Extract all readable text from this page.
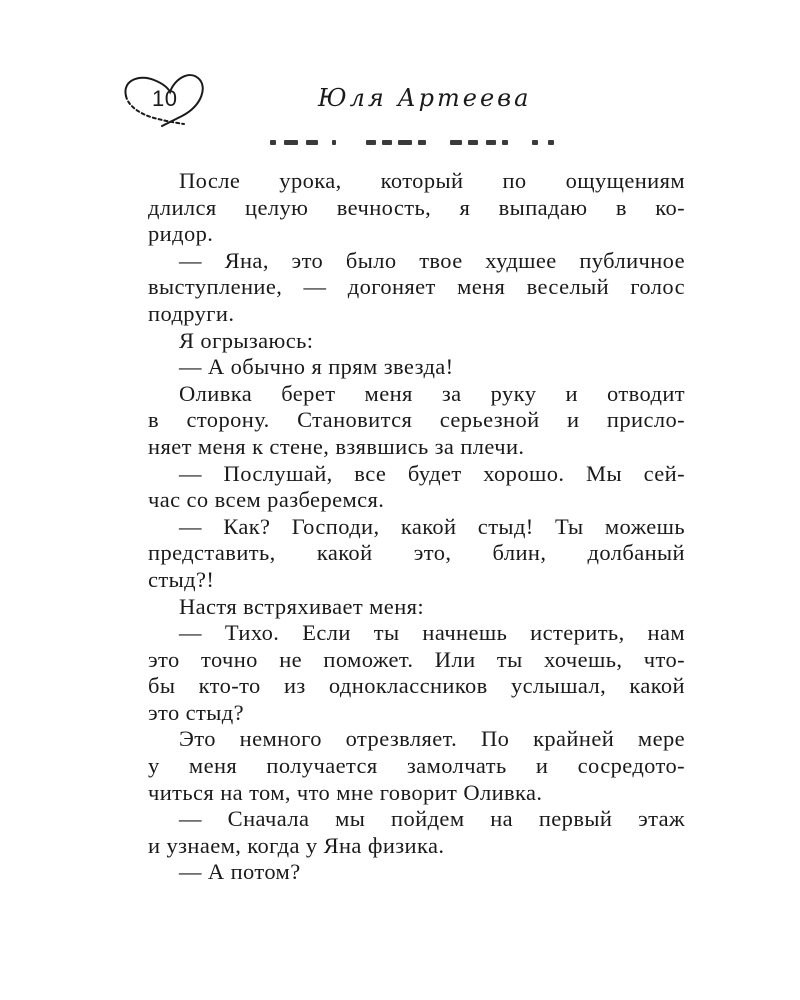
10	Юля Артеева
После урока, который по ощущениям
длился целую вечность, я выпадаю в ко-
ридор.
— Яна, это было твое худшее публичное
выступление, — догоняет меня веселый голос
подруги.
Я огрызаюсь:
— А обычно я прям звезда!
Оливка берет меня за руку и отводит
в сторону. Становится серьезной и прислo-
няет меня к стене, взявшись за плечи.
— Послушай, все будет хорошо. Мы сей-
час со всем разберемся.
— Как? Господи, какой стыд! Ты можешь
представить, какой это, блин, долбаный
стыд?!
Настя встряхивает меня:
— Тихо. Если ты начнешь истерить, нам
это точно не поможет. Или ты хочешь, что-
бы кто-то из одноклассников услышал, какой
это стыд?
Это немного отрезвляет. По крайней мере
у меня получается замолчать и сосредото-
читься на том, что мне говорит Оливка.
— Сначала мы пойдем на первый этаж
и узнаем, когда у Яна физика.
— А потом?
